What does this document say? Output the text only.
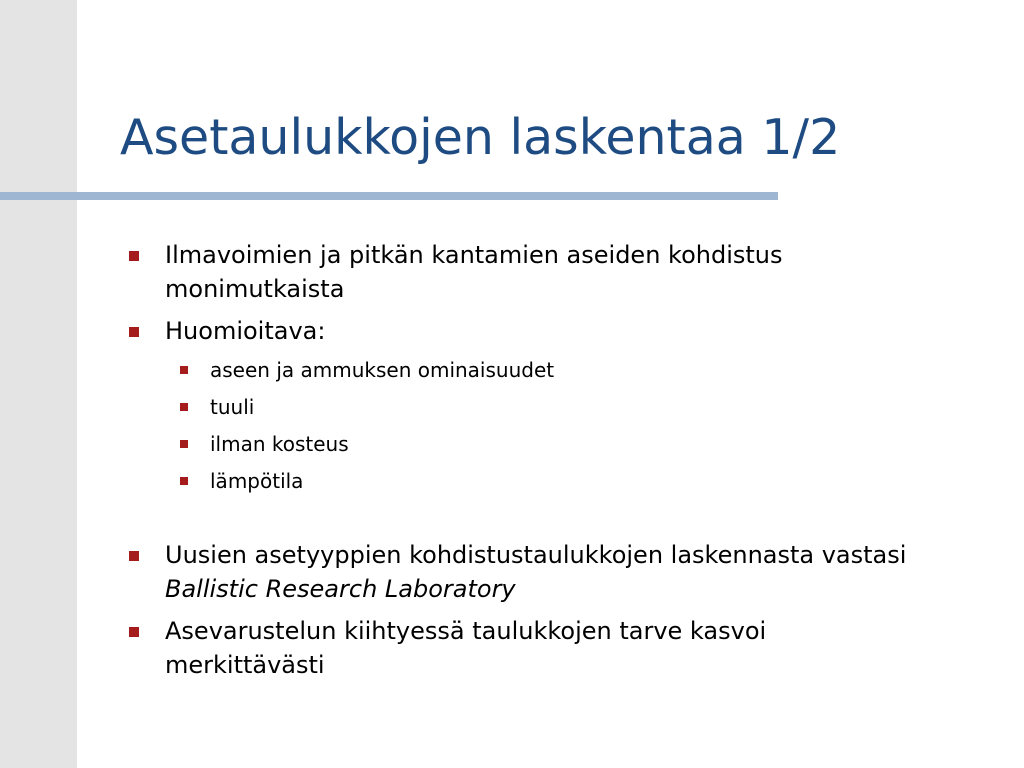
Asetaulukkojen laskentaa 1/2
Ilmavoimien ja pitkän kantamien aseiden kohdistus monimutkaista
Huomioitava:
aseen ja ammuksen ominaisuudet
tuuli
ilman kosteus
lämpötila
Uusien asetyyppien kohdistustaulukkojen laskennasta vastasi Ballistic Research Laboratory
Asevarustelun kiihtyessä taulukkojen tarve kasvoi merkittävästi
